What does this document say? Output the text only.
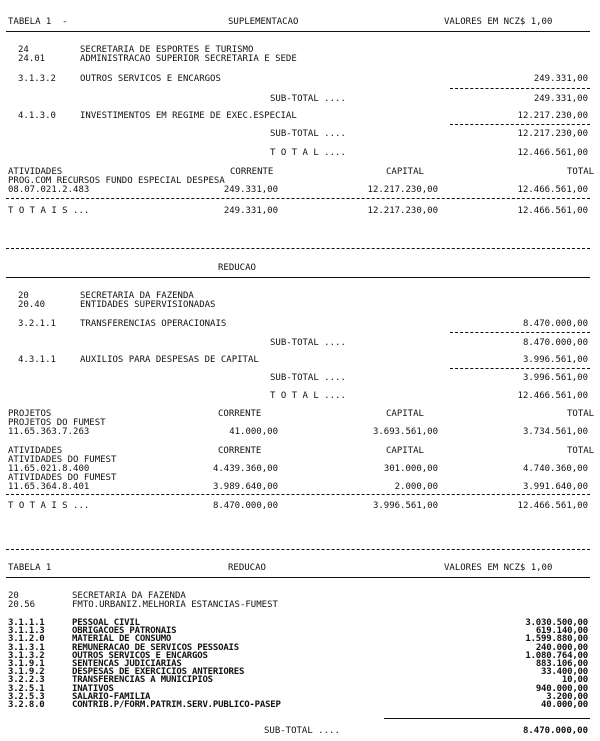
TABELA 1  -	SUPLEMENTACAO	VALORES EM NCZ$ 1,00
24	SECRETARIA DE ESPORTES E TURISMO
24.01	ADMINISTRACAO SUPERIOR SECRETARIA E SEDE
3.1.3.2	OUTROS SERVICOS E ENCARGOS	249.331,00
SUB-TOTAL ....	249.331,00
4.1.3.0	INVESTIMENTOS EM REGIME DE EXEC.ESPECIAL	12.217.230,00
SUB-TOTAL ....	12.217.230,00
T O T A L ....	12.466.561,00
ATIVIDADES	CORRENTE	CAPITAL	TOTAL
PROG.COM RECURSOS FUNDO ESPECIAL DESPESA
08.07.021.2.483	249.331,00	12.217.230,00	12.466.561,00
T O T A I S ...	249.331,00	12.217.230,00	12.466.561,00
REDUCAO
20	SECRETARIA DA FAZENDA
20.40	ENTIDADES SUPERVISIONADAS
3.2.1.1	TRANSFERENCIAS OPERACIONAIS	8.470.000,00
SUB-TOTAL ....	8.470.000,00
4.3.1.1	AUXILIOS PARA DESPESAS DE CAPITAL	3.996.561,00
SUB-TOTAL ....	3.996.561,00
T O T A L ....	12.466.561,00
PROJETOS	CORRENTE	CAPITAL	TOTAL
PROJETOS DO FUMEST
11.65.363.7.263	41.000,00	3.693.561,00	3.734.561,00
ATIVIDADES	CORRENTE	CAPITAL	TOTAL
ATIVIDADES DO FUMEST
11.65.021.8.400	4.439.360,00	301.000,00	4.740.360,00
ATIVIDADES DO FUMEST
11.65.364.8.401	3.989.640,00	2.000,00	3.991.640,00
T O T A I S ...	8.470.000,00	3.996.561,00	12.466.561,00
TABELA 1	REDUCAO	VALORES EM NCZ$ 1,00
20	SECRETARIA DA FAZENDA
20.56	FMTO.URBANIZ.MELHORIA ESTANCIAS-FUMEST
3.1.1.1	PESSOAL CIVIL	3.030.500,00
3.1.1.3	OBRIGACOES PATRONAIS	619.140,00
3.1.2.0	MATERIAL DE CONSUMO	1.599.880,00
3.1.3.1	REMUNERACAO DE SERVICOS PESSOAIS	240.000,00
3.1.3.2	OUTROS SERVICOS E ENCARGOS	1.080.764,00
3.1.9.1	SENTENCAS JUDICIARIAS	883.106,00
3.1.9.2	DESPESAS DE EXERCICIOS ANTERIORES	33.400,00
3.2.2.3	TRANSFERENCIAS A MUNICIPIOS	10,00
3.2.5.1	INATIVOS	940.000,00
3.2.5.3	SALARIO-FAMILIA	3.200,00
3.2.8.0	CONTRIB.P/FORM.PATRIM.SERV.PUBLICO-PASEP	40.000,00
SUB-TOTAL ....	8.470.000,00
